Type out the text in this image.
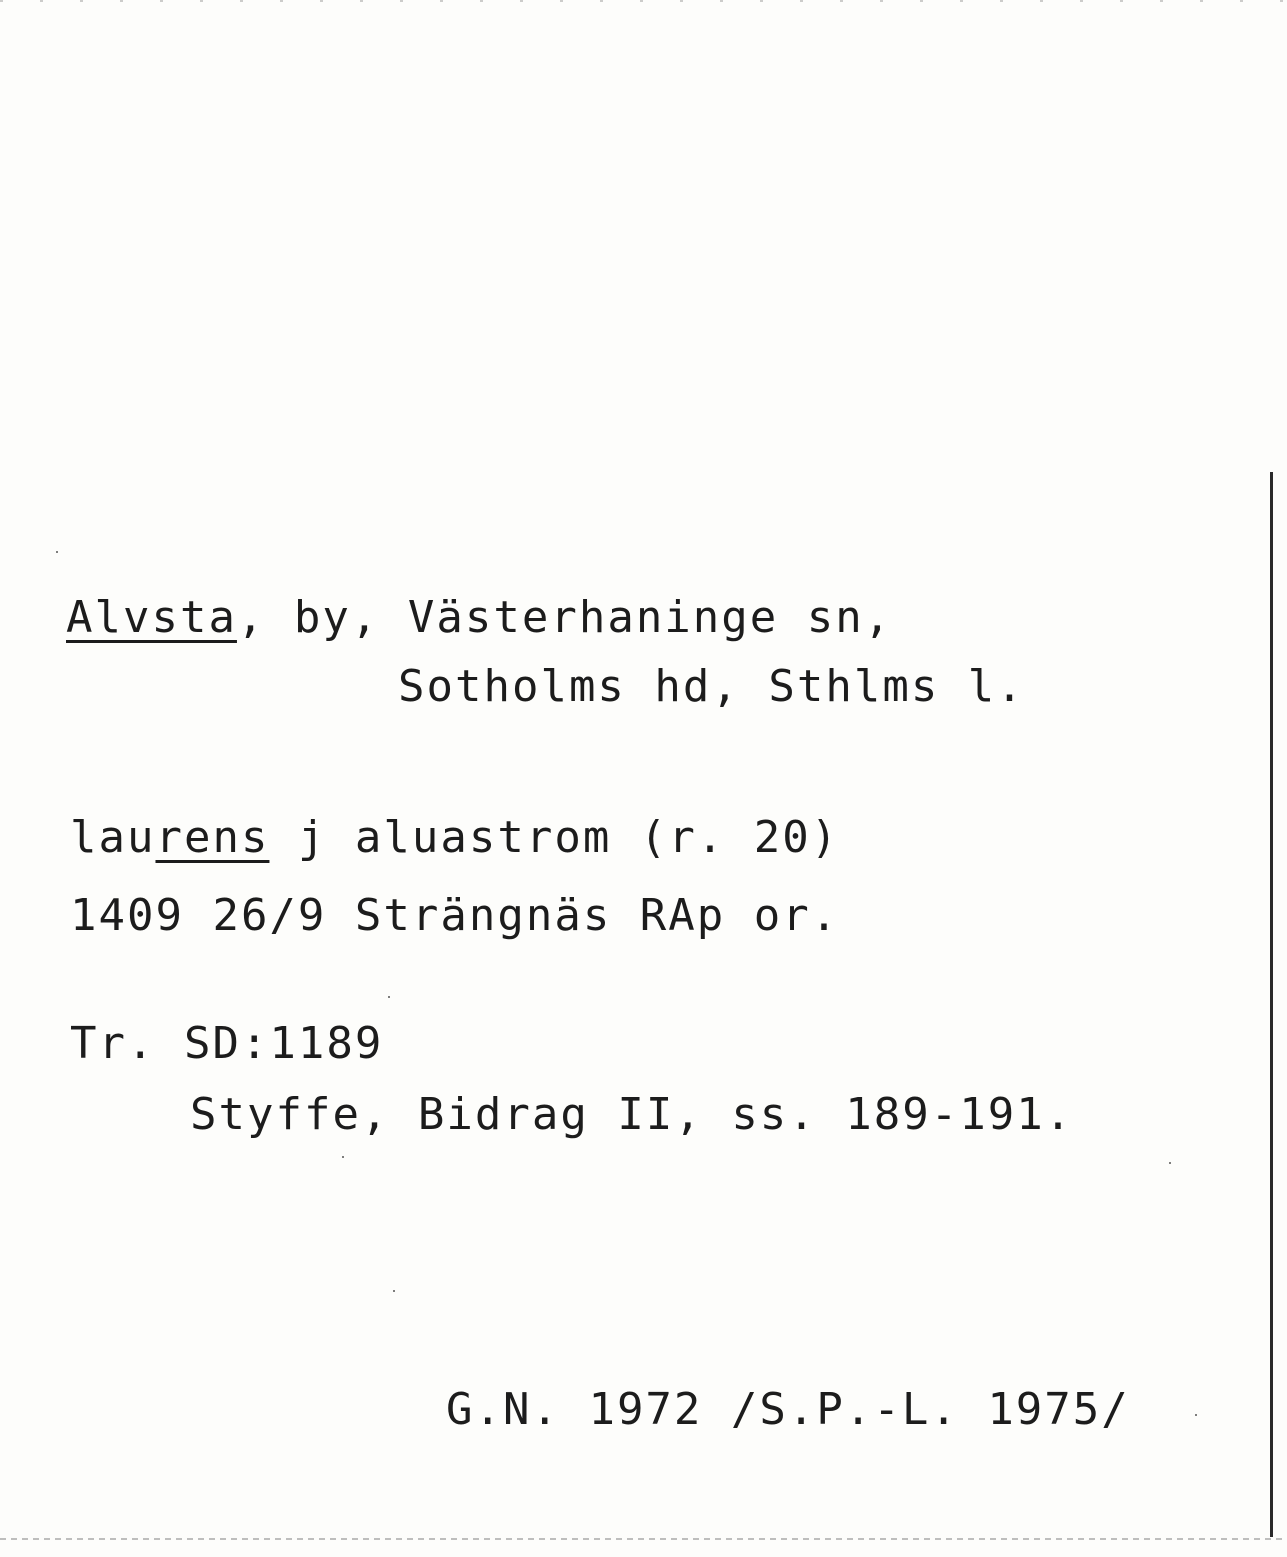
Alvsta, by, Västerhaninge sn,
Sotholms hd, Sthlms l.
laurens j aluastrom (r. 20)
1409 26/9 Strängnäs RAp or.
Tr. SD:1189
Styffe, Bidrag II, ss. 189-191.
G.N. 1972 /S.P.-L. 1975/
